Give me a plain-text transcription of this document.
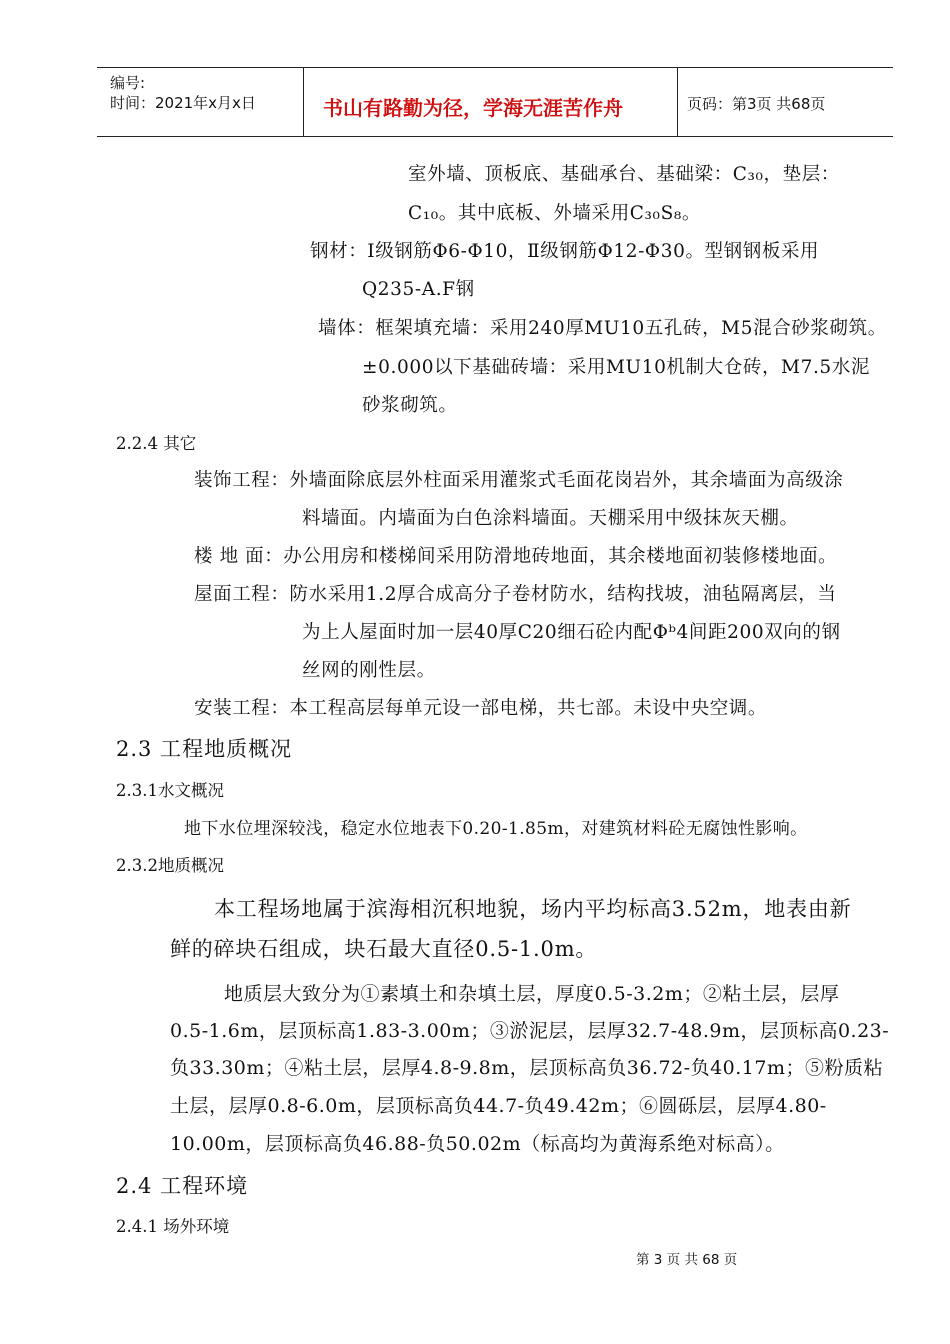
编号:
时间：2021年x月x日	书山有路勤为径，学海无涯苦作舟	页码：第3页 共68页
室外墙、顶板底、基础承台、基础梁：C₃₀，垫层：
C₁₀。其中底板、外墙采用C₃₀S₈。
钢材：Ⅰ级钢筋Φ6-Φ10，Ⅱ级钢筋Φ12-Φ30。型钢钢板采用
Q235-A.F钢
墙体：框架填充墙：采用240厚MU10五孔砖，M5混合砂浆砌筑。
±0.000以下基础砖墙：采用MU10机制大仓砖，M7.5水泥
砂浆砌筑。
2.2.4 其它
装饰工程：外墙面除底层外柱面采用灌浆式毛面花岗岩外，其余墙面为高级涂
料墙面。内墙面为白色涂料墙面。天棚采用中级抹灰天棚。
楼 地 面：办公用房和楼梯间采用防滑地砖地面，其余楼地面初装修楼地面。
屋面工程：防水采用1.2厚合成高分子卷材防水，结构找坡，油毡隔离层，当
为上人屋面时加一层40厚C20细石砼内配Φᵇ4间距200双向的钢
丝网的刚性层。
安装工程：本工程高层每单元设一部电梯，共七部。未设中央空调。
2.3 工程地质概况
2.3.1水文概况
地下水位埋深较浅，稳定水位地表下0.20-1.85m，对建筑材料砼无腐蚀性影响。
2.3.2地质概况
本工程场地属于滨海相沉积地貌，场内平均标高3.52m，地表由新
鲜的碎块石组成，块石最大直径0.5-1.0m。
地质层大致分为①素填土和杂填土层，厚度0.5-3.2m；②粘土层，层厚
0.5-1.6m，层顶标高1.83-3.00m；③淤泥层，层厚32.7-48.9m，层顶标高0.23-
负33.30m；④粘土层，层厚4.8-9.8m，层顶标高负36.72-负40.17m；⑤粉质粘
土层，层厚0.8-6.0m，层顶标高负44.7-负49.42m；⑥圆砾层，层厚4.80-
10.00m，层顶标高负46.88-负50.02m（标高均为黄海系绝对标高）。
2.4 工程环境
2.4.1 场外环境
第 3 页 共 68 页
